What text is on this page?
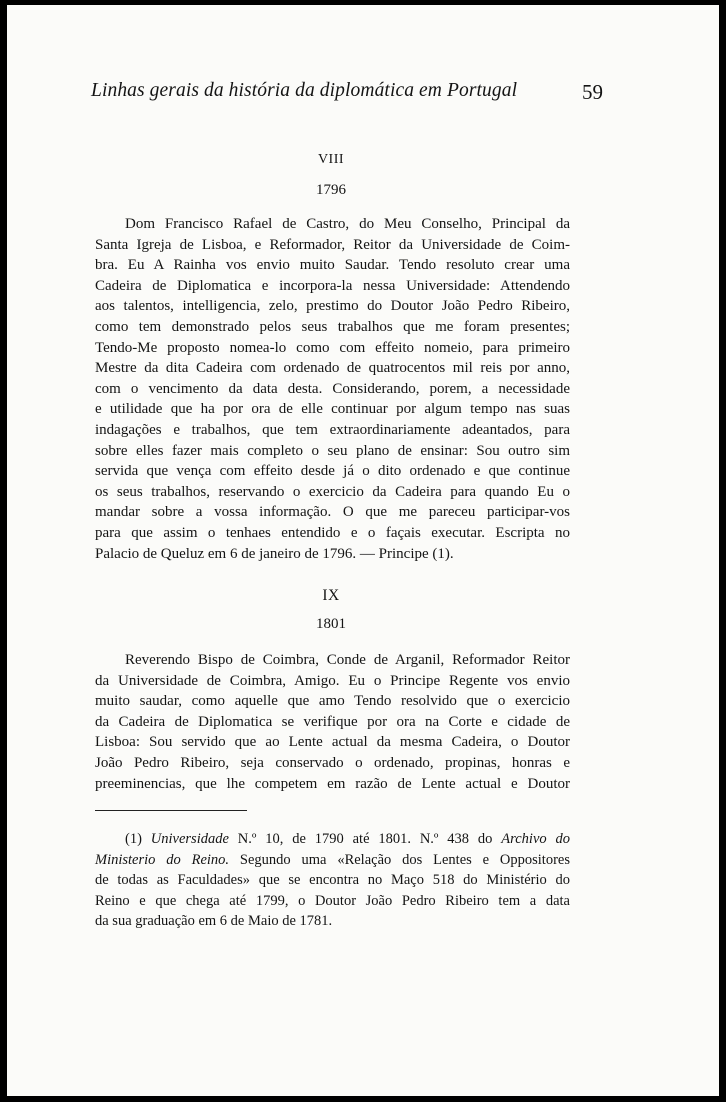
Linhas gerais da história da diplomática em Portugal	59
VIII
1796
Dom Francisco Rafael de Castro, do Meu Conselho, Principal da
Santa Igreja de Lisboa, e Reformador, Reitor da Universidade de Coim-
bra. Eu A Rainha vos envio muito Saudar. Tendo resoluto crear uma
Cadeira de Diplomatica e incorpora-la nessa Universidade: Attendendo
aos talentos, intelligencia, zelo, prestimo do Doutor João Pedro Ribeiro,
como tem demonstrado pelos seus trabalhos que me foram presentes;
Tendo-Me proposto nomea-lo como com effeito nomeio, para primeiro
Mestre da dita Cadeira com ordenado de quatrocentos mil reis por anno,
com o vencimento da data desta. Considerando, porem, a necessidade
e utilidade que ha por ora de elle continuar por algum tempo nas suas
indagações e trabalhos, que tem extraordinariamente adeantados, para
sobre elles fazer mais completo o seu plano de ensinar: Sou outro sim
servida que vença com effeito desde já o dito ordenado e que continue
os seus trabalhos, reservando o exercicio da Cadeira para quando Eu o
mandar sobre a vossa informação. O que me pareceu participar-vos
para que assim o tenhaes entendido e o façais executar. Escripta no
Palacio de Queluz em 6 de janeiro de 1796. — Principe (1).
IX
1801
Reverendo Bispo de Coimbra, Conde de Arganil, Reformador Reitor
da Universidade de Coimbra, Amigo. Eu o Principe Regente vos envio
muito saudar, como aquelle que amo Tendo resolvido que o exercicio
da Cadeira de Diplomatica se verifique por ora na Corte e cidade de
Lisboa: Sou servido que ao Lente actual da mesma Cadeira, o Doutor
João Pedro Ribeiro, seja conservado o ordenado, propinas, honras e
preeminencias, que lhe competem em razão de Lente actual e Doutor
(1) Universidade N.º 10, de 1790 até 1801. N.º 438 do Archivo do
Ministerio do Reino. Segundo uma «Relação dos Lentes e Oppositores
de todas as Faculdades» que se encontra no Maço 518 do Ministério do
Reino e que chega até 1799, o Doutor João Pedro Ribeiro tem a data
da sua graduação em 6 de Maio de 1781.
